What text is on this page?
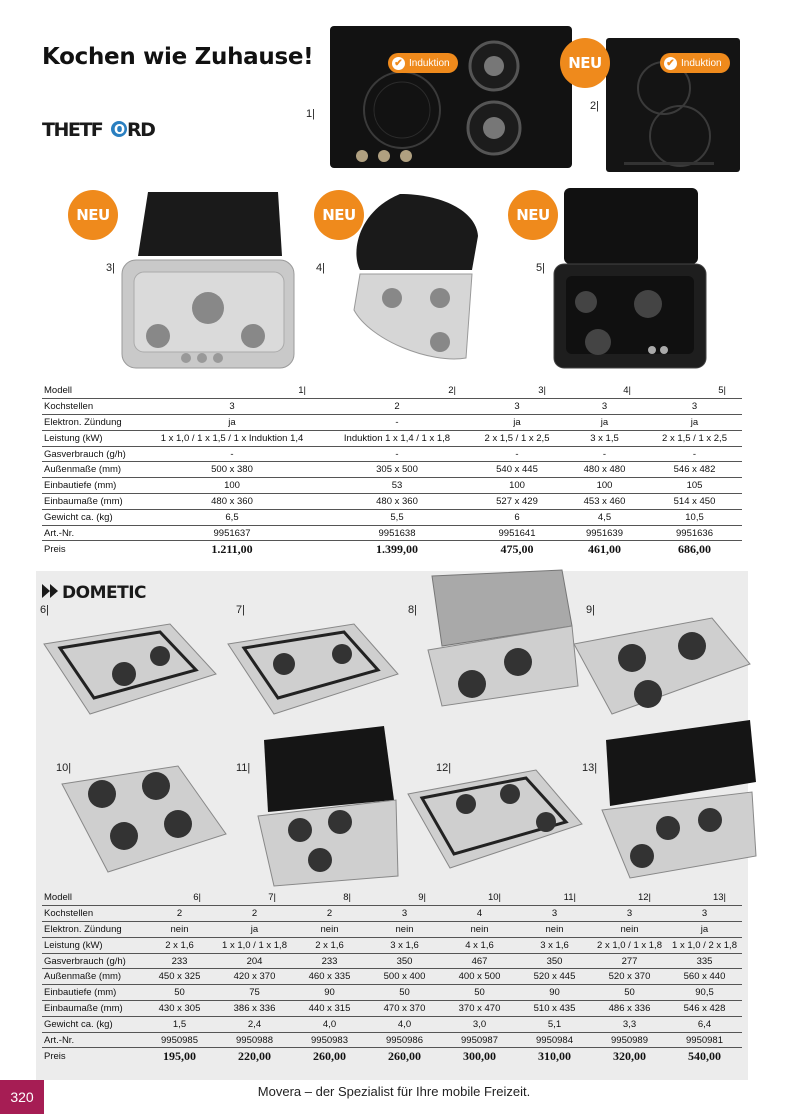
Kochen wie Zuhause!
THETF O RD
1|
✔ Induktion
2|
NEU	✔ Induktion
3|
NEU
4|
NEU
5|
NEU
Modell	1|	2|	3|	4|	5|
Kochstellen	3	2	3	3	3
Elektron. Zündung	ja	-	ja	ja	ja
Leistung (kW)	1 x 1,0 / 1 x 1,5 / 1 x Induktion 1,4	Induktion 1 x 1,4 / 1 x 1,8	2 x 1,5 / 1 x 2,5	3 x 1,5	2 x 1,5 / 1 x 2,5
Gasverbrauch (g/h)	-	-	-	-	-
Außenmaße (mm)	500 x 380	305 x 500	540 x 445	480 x 480	546 x 482
Einbautiefe (mm)	100	53	100	100	105
Einbaumaße (mm)	480 x 360	480 x 360	527 x 429	453 x 460	514 x 450
Gewicht ca. (kg)	6,5	5,5	6	4,5	10,5
Art.-Nr.	9951637	9951638	9951641	9951639	9951636
Preis	1.211,00	1.399,00	475,00	461,00	686,00
DOMETIC
6|	7|	8|	9|
10|	11|	12|	13|
Modell	6|	7|	8|	9|	10|	11|	12|	13|
Kochstellen	2	2	2	3	4	3	3	3
Elektron. Zündung	nein	ja	nein	nein	nein	nein	nein	ja
Leistung (kW)	2 x 1,6	1 x 1,0 / 1 x 1,8	2 x 1,6	3 x 1,6	4 x 1,6	3 x 1,6	2 x 1,0 / 1 x 1,8	1 x 1,0 / 2 x 1,8
Gasverbrauch (g/h)	233	204	233	350	467	350	277	335
Außenmaße (mm)	450 x 325	420 x 370	460 x 335	500 x 400	400 x 500	520 x 445	520 x 370	560 x 440
Einbautiefe (mm)	50	75	90	50	50	90	50	90,5
Einbaumaße (mm)	430 x 305	386 x 336	440 x 315	470 x 370	370 x 470	510 x 435	486 x 336	546 x 428
Gewicht ca. (kg)	1,5	2,4	4,0	4,0	3,0	5,1	3,3	6,4
Art.-Nr.	9950985	9950988	9950983	9950986	9950987	9950984	9950989	9950981
Preis	195,00	220,00	260,00	260,00	300,00	310,00	320,00	540,00
320	Movera – der Spezialist für Ihre mobile Freizeit.
